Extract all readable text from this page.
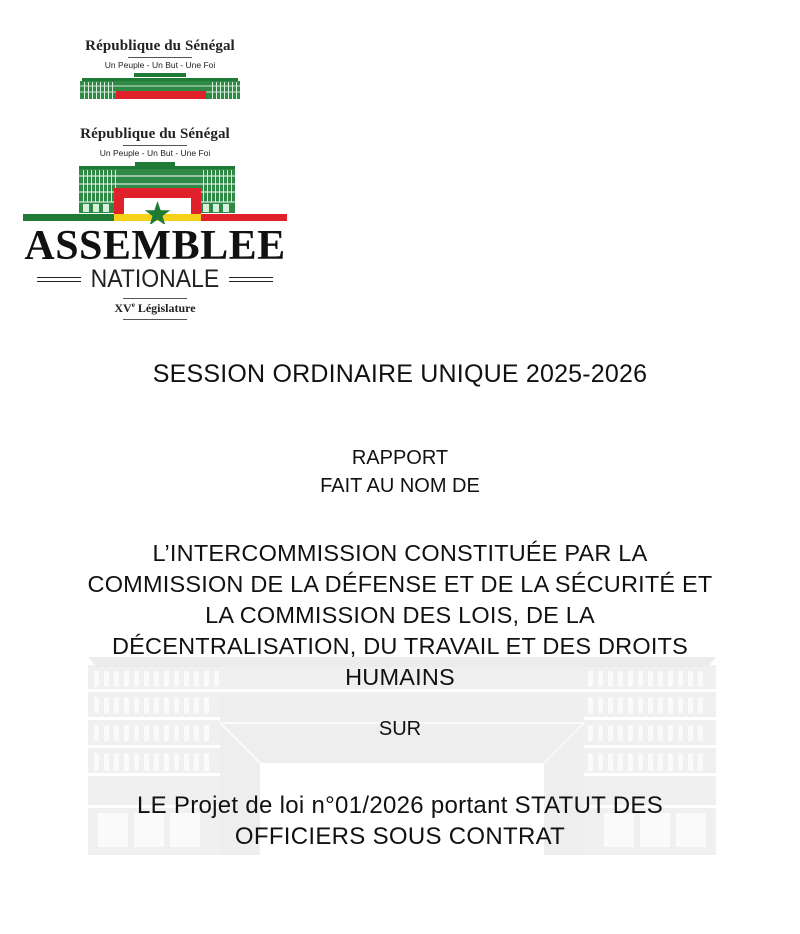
République du Sénégal
Un Peuple - Un But - Une Foi
République du Sénégal
Un Peuple - Un But - Une Foi
ASSEMBLEE
NATIONALE
XVe Législature
SESSION ORDINAIRE UNIQUE 2025-2026
RAPPORT
FAIT AU NOM DE
L’INTERCOMMISSION CONSTITUÉE PAR LA
COMMISSION DE LA DÉFENSE ET DE LA SÉCURITÉ ET
LA COMMISSION DES LOIS, DE LA
DÉCENTRALISATION, DU TRAVAIL ET DES DROITS
HUMAINS
SUR
LE Projet de loi n°01/2026 portant STATUT DES
OFFICIERS SOUS CONTRAT
